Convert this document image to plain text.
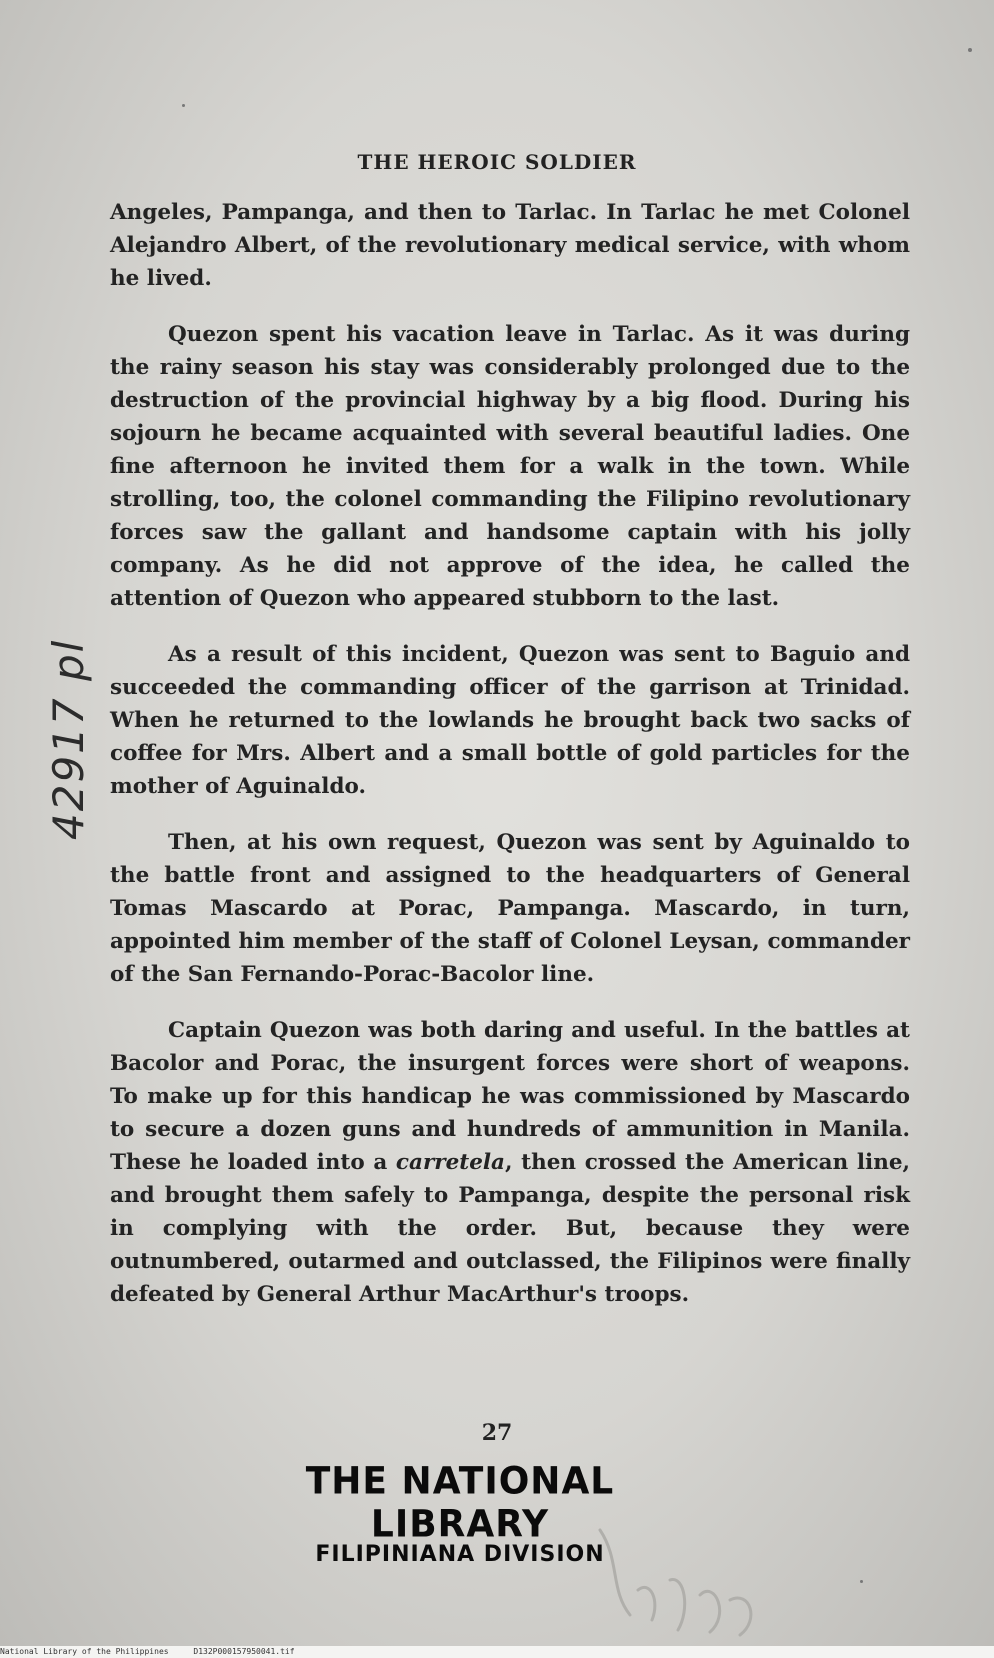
THE HEROIC SOLDIER

Angeles, Pampanga, and then to Tarlac. In Tarlac he met Colonel Alejandro Albert, of the revolutionary medical service, with whom he lived.

Quezon spent his vacation leave in Tarlac. As it was during the rainy season his stay was considerably prolonged due to the destruction of the provincial highway by a big flood. During his sojourn he became acquainted with several beautiful ladies. One fine afternoon he invited them for a walk in the town. While strolling, too, the colonel commanding the Filipino revolutionary forces saw the gallant and handsome captain with his jolly company. As he did not approve of the idea, he called the attention of Quezon who appeared stubborn to the last.

As a result of this incident, Quezon was sent to Baguio and succeeded the commanding officer of the garrison at Trinidad. When he returned to the lowlands he brought back two sacks of coffee for Mrs. Albert and a small bottle of gold particles for the mother of Aguinaldo.

Then, at his own request, Quezon was sent by Aguinaldo to the battle front and assigned to the headquarters of General Tomas Mascardo at Porac, Pampanga. Mascardo, in turn, appointed him member of the staff of Colonel Leysan, commander of the San Fernando-Porac-Bacolor line.

Captain Quezon was both daring and useful. In the battles at Bacolor and Porac, the insurgent forces were short of weapons. To make up for this handicap he was commissioned by Mascardo to secure a dozen guns and hundreds of ammunition in Manila. These he loaded into a carretela, then crossed the American line, and brought them safely to Pampanga, despite the personal risk in complying with the order. But, because they were outnumbered, outarmed and outclassed, the Filipinos were finally defeated by General Arthur MacArthur's troops.

27
THE NATIONAL LIBRARY
FILIPINIANA DIVISION
42917 pl
National Library of the Philippines	D132P000157950041.tif
